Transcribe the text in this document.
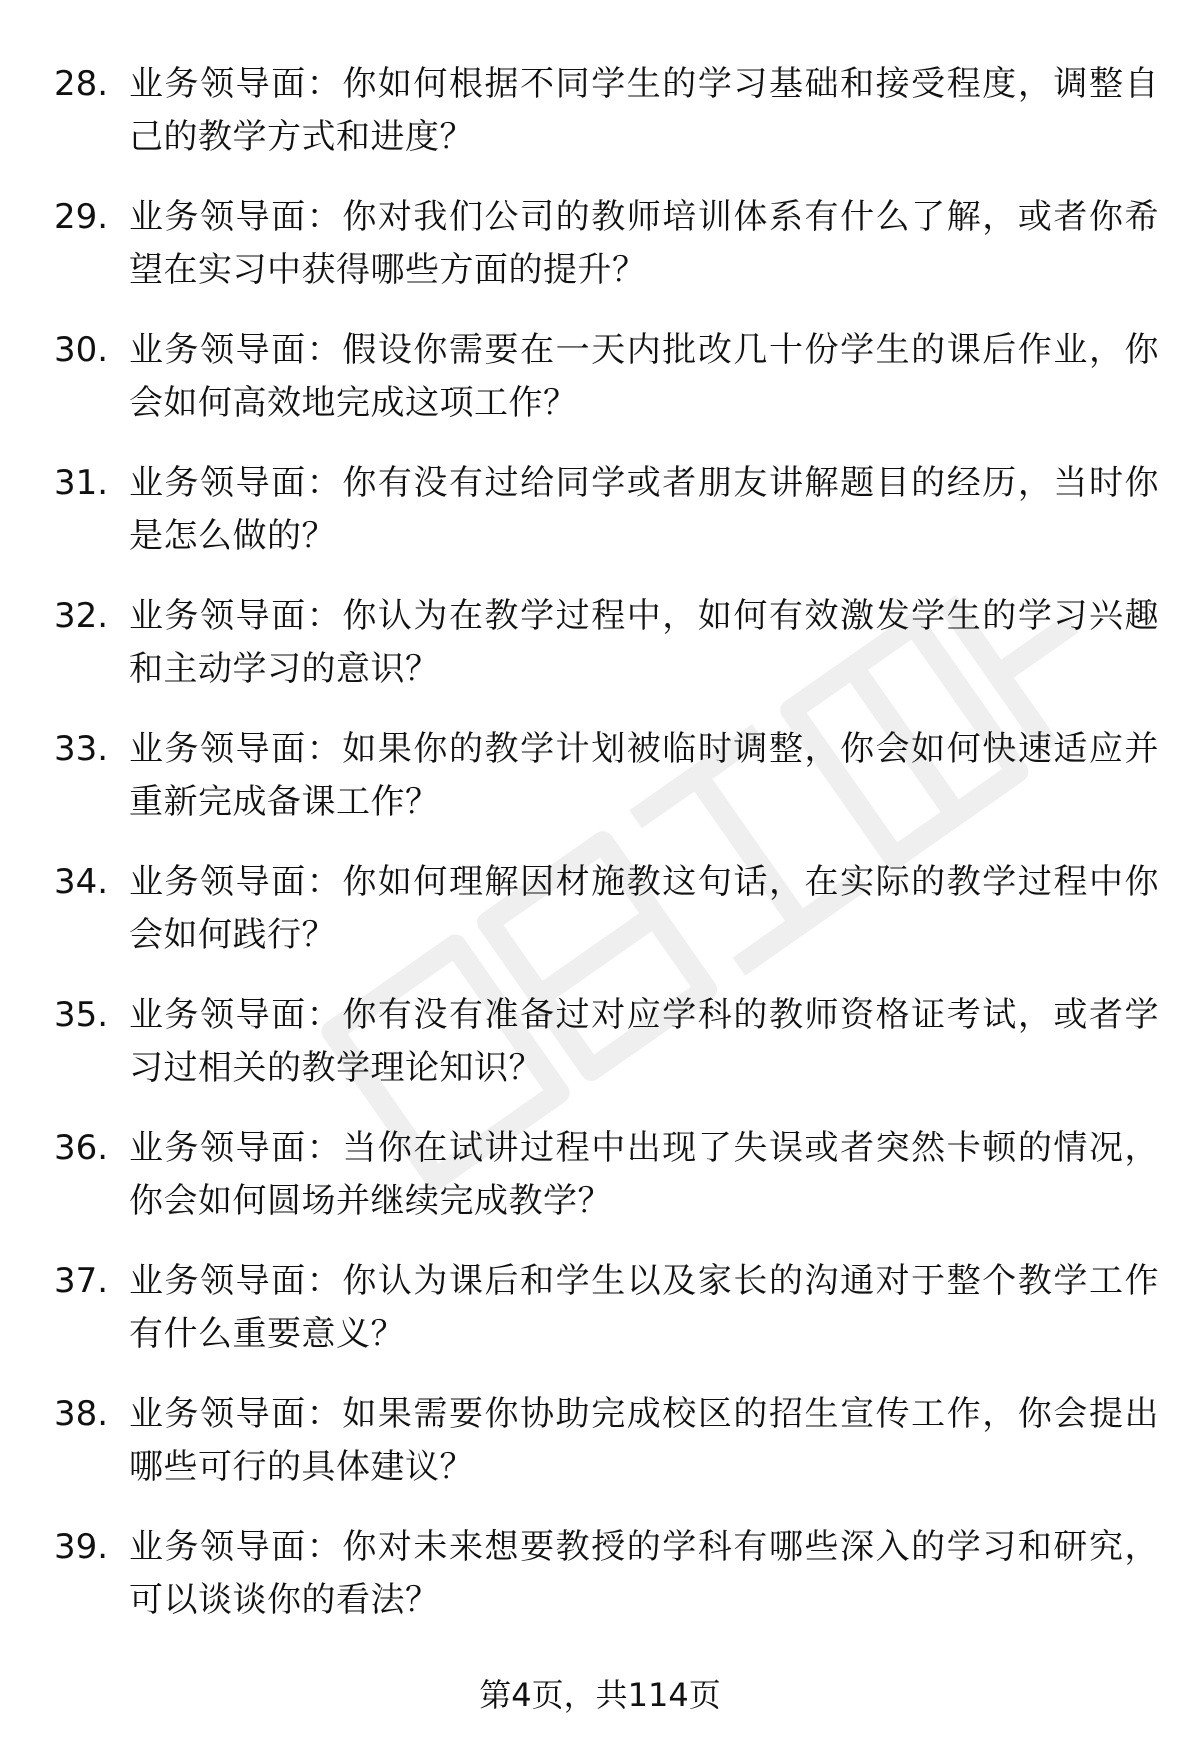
28. 业务领导面：你如何根据不同学生的学习基础和接受程度，调整自己的教学方式和进度？
29. 业务领导面：你对我们公司的教师培训体系有什么了解，或者你希望在实习中获得哪些方面的提升？
30. 业务领导面：假设你需要在一天内批改几十份学生的课后作业，你会如何高效地完成这项工作？
31. 业务领导面：你有没有过给同学或者朋友讲解题目的经历，当时你是怎么做的？
32. 业务领导面：你认为在教学过程中，如何有效激发学生的学习兴趣和主动学习的意识？
33. 业务领导面：如果你的教学计划被临时调整，你会如何快速适应并重新完成备课工作？
34. 业务领导面：你如何理解因材施教这句话，在实际的教学过程中你会如何践行？
35. 业务领导面：你有没有准备过对应学科的教师资格证考试，或者学习过相关的教学理论知识？
36. 业务领导面：当你在试讲过程中出现了失误或者突然卡顿的情况，你会如何圆场并继续完成教学？
37. 业务领导面：你认为课后和学生以及家长的沟通对于整个教学工作有什么重要意义？
38. 业务领导面：如果需要你协助完成校区的招生宣传工作，你会提出哪些可行的具体建议？
39. 业务领导面：你对未来想要教授的学科有哪些深入的学习和研究，可以谈谈你的看法？
第4页，共114页
